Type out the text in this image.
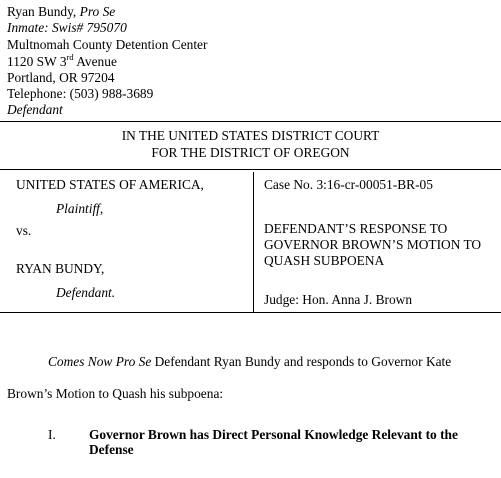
Ryan Bundy, Pro Se
Inmate: Swis# 795070
Multnomah County Detention Center
1120 SW 3rd Avenue
Portland, OR 97204
Telephone: (503) 988-3689
Defendant
IN THE UNITED STATES DISTRICT COURT
FOR THE DISTRICT OF OREGON
UNITED STATES OF AMERICA,
Plaintiff,
vs.
RYAN BUNDY,
Defendant.
Case No. 3:16-cr-00051-BR-05
DEFENDANT’S RESPONSE TO
GOVERNOR BROWN’S MOTION TO
QUASH SUBPOENA
Judge: Hon. Anna J. Brown
Comes Now Pro Se Defendant Ryan Bundy and responds to Governor Kate
Brown’s Motion to Quash his subpoena:
I. Governor Brown has Direct Personal Knowledge Relevant to the
Defense
